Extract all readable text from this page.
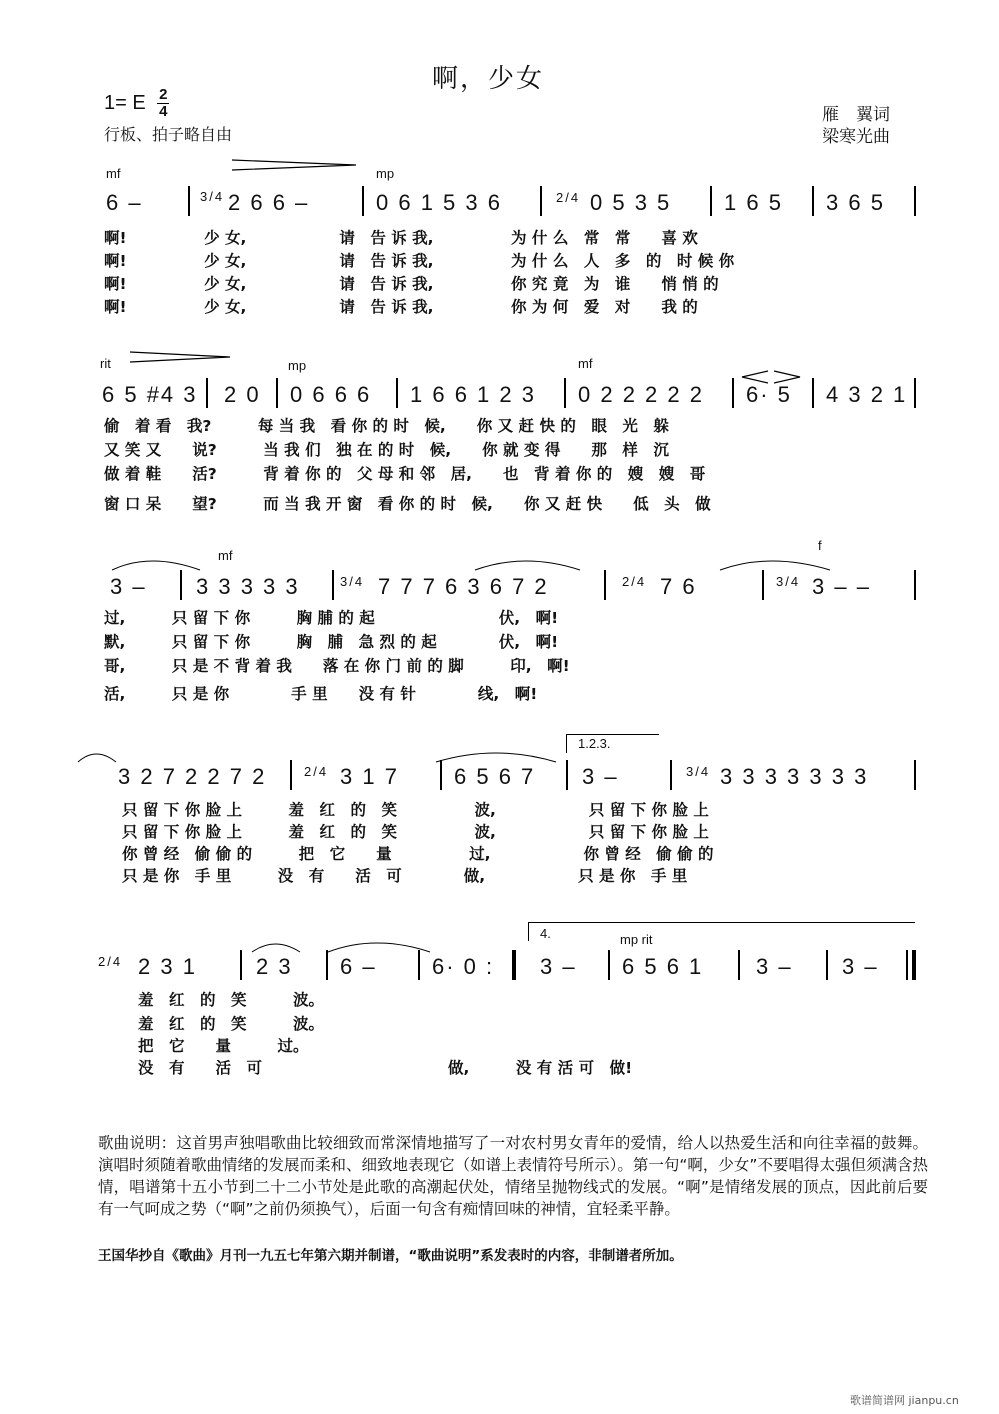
啊，少女
1= E $\frac{2}{4}$
行板、拍子略自由
雁　翼词
梁寒光曲
mf	mp
6 –	3/4 2 6 6 –	0 6 1 5 3 6	2/4 0 5 3 5 1 6 5 3 6 5
啊!　　　　　少 女,　　　　　　请　告 诉 我,　　　　　为 什 么　常　常　　喜 欢
啊!　　　　　少 女,　　　　　　请　告 诉 我,　　　　　为 什 么　人　多　的　时 候 你
啊!　　　　　少 女,　　　　　　请　告 诉 我,　　　　　你 究 竟　为　谁　　悄 悄 的
啊!　　　　　少 女,　　　　　　请　告 诉 我,　　　　　你 为 何　爱　对　　我 的
rit	mp	mf
6 5 #4 3 2 0 0 6 6 6 1 6 6 1 2 3 0 2 2 2 2 2 6· 5 4 3 2 1
偷　着 看　我?　　　每 当 我　看 你 的 时　候,　　你 又 赶 快 的　眼　光　躲
又 笑 又　　说?　　　当 我 们　独 在 的 时　候,　　你 就 变 得　　那　样　沉
做 着 鞋　　活?　　　背 着 你 的　父 母 和 邻　居,　　也　背 着 你 的　嫂　嫂　哥
窗 口 呆　　望?　　　而 当 我 开 窗　看 你 的 时　候,　　你 又 赶 快　　低　头　做
mf
f
3 – 3 3 3 3 3	3/4 7 7 7 6 3 6 7 2	2/4 7 6	3/4 3 – –
过,　　　只 留 下 你　　　胸 脯 的 起　　　　　　　　伏,　啊!
默,　　　只 留 下 你　　　胸　脯　急 烈 的 起　　　　伏,　啊!
哥,　　　只 是 不 背 着 我　　落 在 你 门 前 的 脚　　　印,　啊!
活,　　　只 是 你　　　　手 里　　没 有 针　　　　线,　啊!
1.2.3.
3 2 7 2 2 7 2	2/4 3 1 7	6 5 6 7 3 –	3/4 3 3 3 3 3 3 3
只 留 下 你 脸 上　　　羞　红　的　笑　　　　　波,　　　　　　只 留 下 你 脸 上
只 留 下 你 脸 上　　　羞　红　的　笑　　　　　波,　　　　　　只 留 下 你 脸 上
你 曾 经　偷 偷 的　　　把　它　　量　　　　　过,　　　　　　你 曾 经　偷 偷 的
只 是 你　手 里　　　没　有　　活　可　　　　做,　　　　　　只 是 你　手 里
4.	mp rit
2/4 2 3 1	2 3 6 –	6· 0 : 3 – 6 5 6 1 3 – 3 –
羞　红　的　笑　　　波。
羞　红　的　笑　　　波。
把　它　　量　　　过。
没　有　　活　可　　　　　　　　　　　　做,　　　没 有 活 可　做!
歌曲说明：这首男声独唱歌曲比较细致而常深情地描写了一对农村男女青年的爱情，给人以热爱生活和向往幸福的鼓舞。演唱时须随着歌曲情绪的发展而柔和、细致地表现它（如谱上表情符号所示）。第一句“啊，少女”不要唱得太强但须满含热情，唱谱第十五小节到二十二小节处是此歌的高潮起伏处，情绪呈抛物线式的发展。“啊”是情绪发展的顶点，因此前后要有一气呵成之势（“啊”之前仍须换气），后面一句含有痴情回味的神情，宜轻柔平静。
王国华抄自《歌曲》月刊一九五七年第六期并制谱，“歌曲说明”系发表时的内容，非制谱者所加。
歌谱简谱网 jianpu.cn
